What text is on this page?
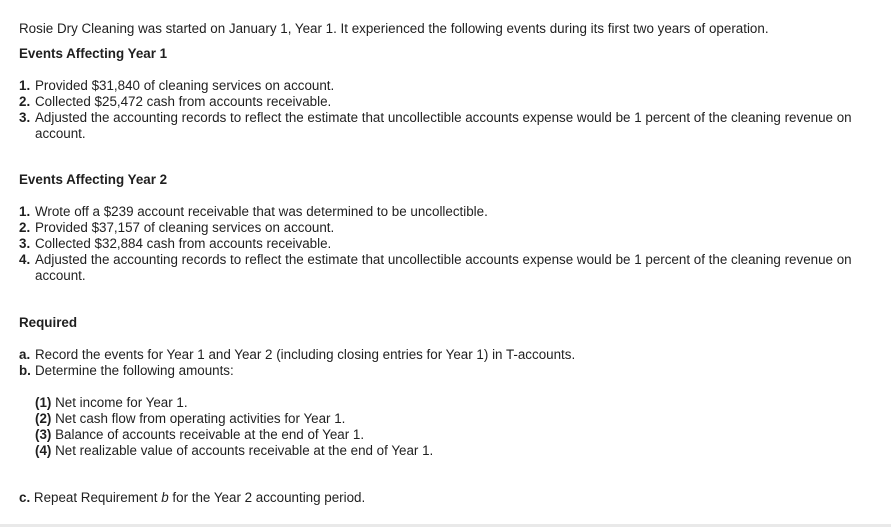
Rosie Dry Cleaning was started on January 1, Year 1. It experienced the following events during its first two years of operation.

Events Affecting Year 1

1. Provided $31,840 of cleaning services on account.
2. Collected $25,472 cash from accounts receivable.
3. Adjusted the accounting records to reflect the estimate that uncollectible accounts expense would be 1 percent of the cleaning revenue on account.

Events Affecting Year 2

1. Wrote off a $239 account receivable that was determined to be uncollectible.
2. Provided $37,157 of cleaning services on account.
3. Collected $32,884 cash from accounts receivable.
4. Adjusted the accounting records to reflect the estimate that uncollectible accounts expense would be 1 percent of the cleaning revenue on account.

Required

a. Record the events for Year 1 and Year 2 (including closing entries for Year 1) in T-accounts.
b. Determine the following amounts:
(1) Net income for Year 1.
(2) Net cash flow from operating activities for Year 1.
(3) Balance of accounts receivable at the end of Year 1.
(4) Net realizable value of accounts receivable at the end of Year 1.

c. Repeat Requirement b for the Year 2 accounting period.
